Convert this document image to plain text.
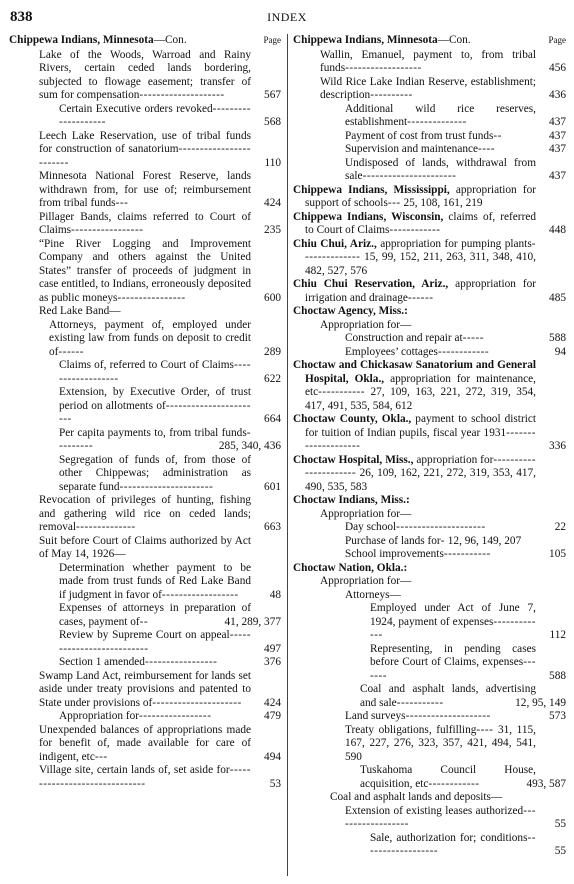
838	INDEX
Chippewa Indians, Minnesota—Con.	Page
Lake of the Woods, Warroad and Rainy Rivers, certain ceded lands bordering, subjected to flowage easement; transfer of sum for compensation--------------------	567
Certain Executive orders revoked--------------------	568
Leech Lake Reservation, use of tribal funds for construction of sanatorium------------------------	110
Minnesota National Forest Reserve, lands withdrawn from, for use of; reimbursement from tribal funds---	424
Pillager Bands, claims referred to Court of Claims-----------------	235
“Pine River Logging and Improvement Company and others against the United States” transfer of proceeds of judgment in case entitled, to Indians, erroneously deposited as public moneys----------------	600
Red Lake Band—
Attorneys, payment of, employed under existing law from funds on deposit to credit of------	289
Claims of, referred to Court of Claims------------------	622
Extension, by Executive Order, of trust period on allotments of-----------------------	664
Per capita payments to, from tribal funds---------	285, 340, 436
Segregation of funds of, from those of other Chippewas; administration as separate fund----------------------	601
Revocation of privileges of hunting, fishing and gathering wild rice on ceded lands; removal--------------	663
Suit before Court of Claims authorized by Act of May 14, 1926—
Determination whether payment to be made from trust funds of Red Lake Band if judgment in favor of------------------	48
Expenses of attorneys in preparation of cases, payment of--	41, 289, 377
Review by Supreme Court on appeal--------------------------	497
Section 1 amended-----------------	376
Swamp Land Act, reimbursement for lands set aside under treaty provisions and patented to State under provisions of--------------------- 424
Appropriation for-----------------	479
Unexpended balances of appropriations made for benefit of, made available for care of indigent, etc---	494
Village site, certain lands of, set aside for------------------------------	53
Chippewa Indians, Minnesota—Con.	Page
Wallin, Emanuel, payment to, from tribal funds------------------	456
Wild Rice Lake Indian Reserve, establishment; description----------	436
Additional wild rice reserves, establishment--------------	437
Payment of cost from trust funds--	437
Supervision and maintenance----	437
Undisposed of lands, withdrawal from sale----------------------	437
Chippewa Indians, Mississippi, appropriation for support of schools--- 25, 108, 161, 219
Chippewa Indians, Wisconsin, claims of, referred to Court of Claims------------	448
Chiu Chui, Ariz., appropriation for pumping plants-------------- 15, 99, 152, 211, 263, 311, 348, 410, 482, 527, 576
Chiu Chui Reservation, Ariz., appropriation for irrigation and drainage------	485
Choctaw Agency, Miss.:
Appropriation for—
Construction and repair at-----	588
Employees’ cottages------------	94
Choctaw and Chickasaw Sanatorium and General Hospital, Okla., appropriation for maintenance, etc----------- 27, 109, 163, 221, 272, 319, 354, 417, 491, 535, 584, 612
Choctaw County, Okla., payment to school district for tuition of Indian pupils, fiscal year 1931--------------------	336
Choctaw Hospital, Miss., appropriation for---------------------- 26, 109, 162, 221, 272, 319, 353, 417, 490, 535, 583
Choctaw Indians, Miss.:
Appropriation for—
Day school---------------------	22
Purchase of lands for- 12, 96, 149, 207
School improvements-----------	105
Choctaw Nation, Okla.:
Appropriation for—
Attorneys—
Employed under Act of June 7, 1924, payment of expenses-------------	112
Representing, in pending cases before Court of Claims, expenses-------	588
Coal and asphalt lands, advertising and sale-----------	12, 95, 149
Land surveys--------------------	573
Treaty obligations, fulfilling---- 31, 115, 167, 227, 276, 323, 357, 421, 494, 541, 590
Tuskahoma Council House, acquisition, etc------------	493, 587
Coal and asphalt lands and deposits—
Extension of existing leases authorized------------------	55
Sale, authorization for; conditions------------------	55
